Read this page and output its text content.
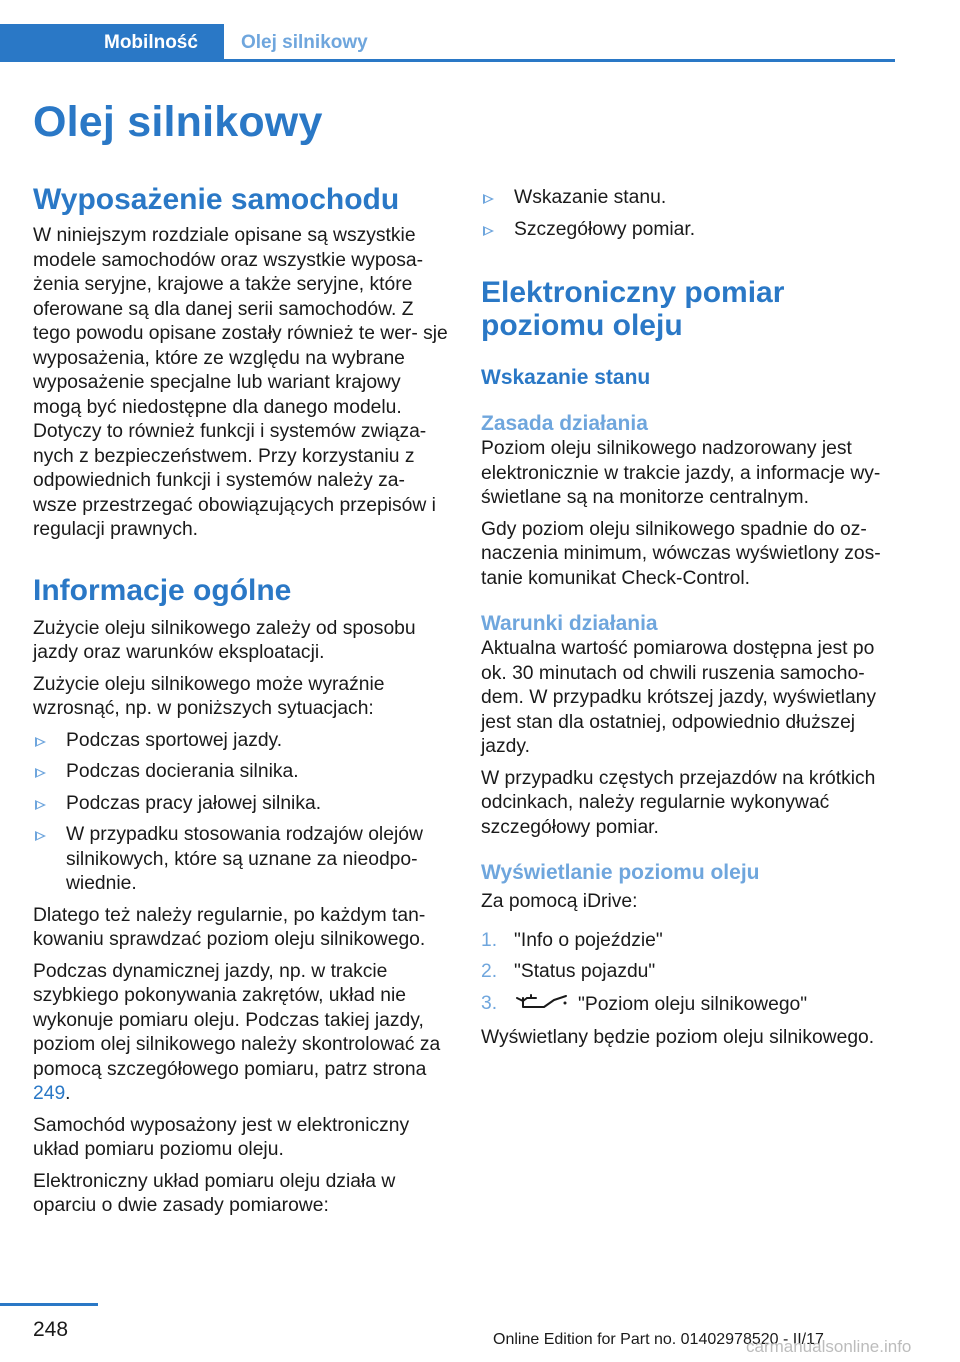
Mobilność	Olej silnikowy
Olej silnikowy
Wyposażenie samochodu

W niniejszym rozdziale opisane są wszystkie modele samochodów oraz wszystkie wyposa- żenia seryjne, krajowe a także seryjne, które oferowane są dla danej serii samochodów. Z tego powodu opisane zostały również te wer- sje wyposażenia, które ze względu na wybrane wyposażenie specjalne lub wariant krajowy mogą być niedostępne dla danego modelu. Dotyczy to również funkcji i systemów związa- nych z bezpieczeństwem. Przy korzystaniu z odpowiednich funkcji i systemów należy za- wsze przestrzegać obowiązujących przepisów i regulacji prawnych.

Informacje ogólne

Zużycie oleju silnikowego zależy od sposobu jazdy oraz warunków eksploatacji.

Zużycie oleju silnikowego może wyraźnie wzrosnąć, np. w poniższych sytuacjach:

Podczas sportowej jazdy.
Podczas docierania silnika.
Podczas pracy jałowej silnika.
W przypadku stosowania rodzajów olejów silnikowych, które są uznane za nieodpo- wiednie.

Dlatego też należy regularnie, po każdym tan- kowaniu sprawdzać poziom oleju silnikowego.

Podczas dynamicznej jazdy, np. w trakcie szybkiego pokonywania zakrętów, układ nie wykonuje pomiaru oleju. Podczas takiej jazdy, poziom olej silnikowego należy skontrolować za pomocą szczegółowego pomiaru, patrz strona 249.

Samochód wyposażony jest w elektroniczny układ pomiaru poziomu oleju.

Elektroniczny układ pomiaru oleju działa w oparciu o dwie zasady pomiarowe:

Wskazanie stanu.
Szczegółowy pomiar.
Elektroniczny pomiar poziomu oleju
Wskazanie stanu
Zasada działania

Poziom oleju silnikowego nadzorowany jest elektronicznie w trakcie jazdy, a informacje wy- świetlane są na monitorze centralnym.

Gdy poziom oleju silnikowego spadnie do oz- naczenia minimum, wówczas wyświetlony zos- tanie komunikat Check-Control.

Warunki działania

Aktualna wartość pomiarowa dostępna jest po ok. 30 minutach od chwili ruszenia samocho- dem. W przypadku krótszej jazdy, wyświetlany jest stan dla ostatniej, odpowiednio dłuższej jazdy.

W przypadku częstych przejazdów na krótkich odcinkach, należy regularnie wykonywać szczegółowy pomiar.

Wyświetlanie poziomu oleju

Za pomocą iDrive:

1. "Info o pojeździe"
2. "Status pojazdu"
3.	"Poziom oleju silnikowego"

Wyświetlany będzie poziom oleju silnikowego.

248	Online Edition for Part no. 01402978520 - II/17
carmanualsonline.info
